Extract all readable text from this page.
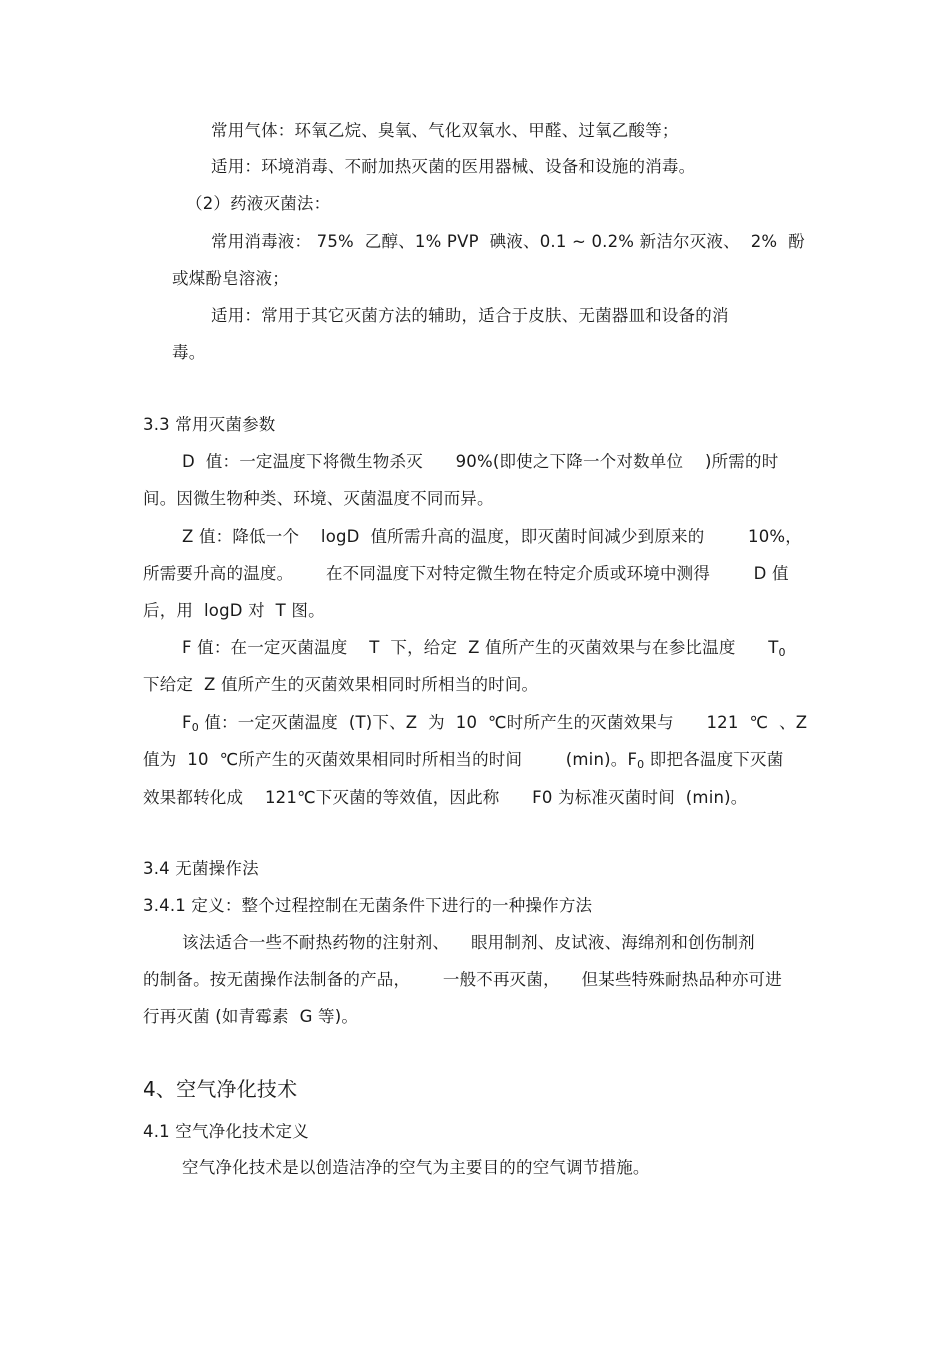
常用气体：环氧乙烷、臭氧、气化双氧水、甲醛、过氧乙酸等；
适用：环境消毒、不耐加热灭菌的医用器械、设备和设施的消毒。
（2）药液灭菌法：
常用消毒液： 75%  乙醇、1% PVP  碘液、0.1 ~ 0.2% 新洁尔灭液、  2%  酚
或煤酚皂溶液；
适用：常用于其它灭菌方法的辅助，适合于皮肤、无菌器皿和设备的消
毒。
3.3 常用灭菌参数
D  值：一定温度下将微生物杀灭      90%(即使之下降一个对数单位    )所需的时
间。因微生物种类、环境、灭菌温度不同而异。
Z 值：降低一个    logD  值所需升高的温度，即灭菌时间减少到原来的        10%，
所需要升高的温度。      在不同温度下对特定微生物在特定介质或环境中测得        D 值
后，用  logD 对  T 图。
F 值：在一定灭菌温度    T  下，给定  Z 值所产生的灭菌效果与在参比温度      $T_0$
下给定  Z 值所产生的灭菌效果相同时所相当的时间。
$F_0$ 值：一定灭菌温度  (T)下、Z  为  10  ℃时所产生的灭菌效果与      121  ℃  、Z
值为  10  ℃所产生的灭菌效果相同时所相当的时间        (min)。$F_0$ 即把各温度下灭菌
效果都转化成    121℃下灭菌的等效值，因此称      F0 为标准灭菌时间  (min)。
3.4 无菌操作法
3.4.1 定义：整个过程控制在无菌条件下进行的一种操作方法
该法适合一些不耐热药物的注射剂、    眼用制剂、皮试液、海绵剂和创伤制剂
的制备。按无菌操作法制备的产品，      一般不再灭菌，    但某些特殊耐热品种亦可进
行再灭菌 (如青霉素  G 等)。
4、空气净化技术
4.1 空气净化技术定义
空气净化技术是以创造洁净的空气为主要目的的空气调节措施。
